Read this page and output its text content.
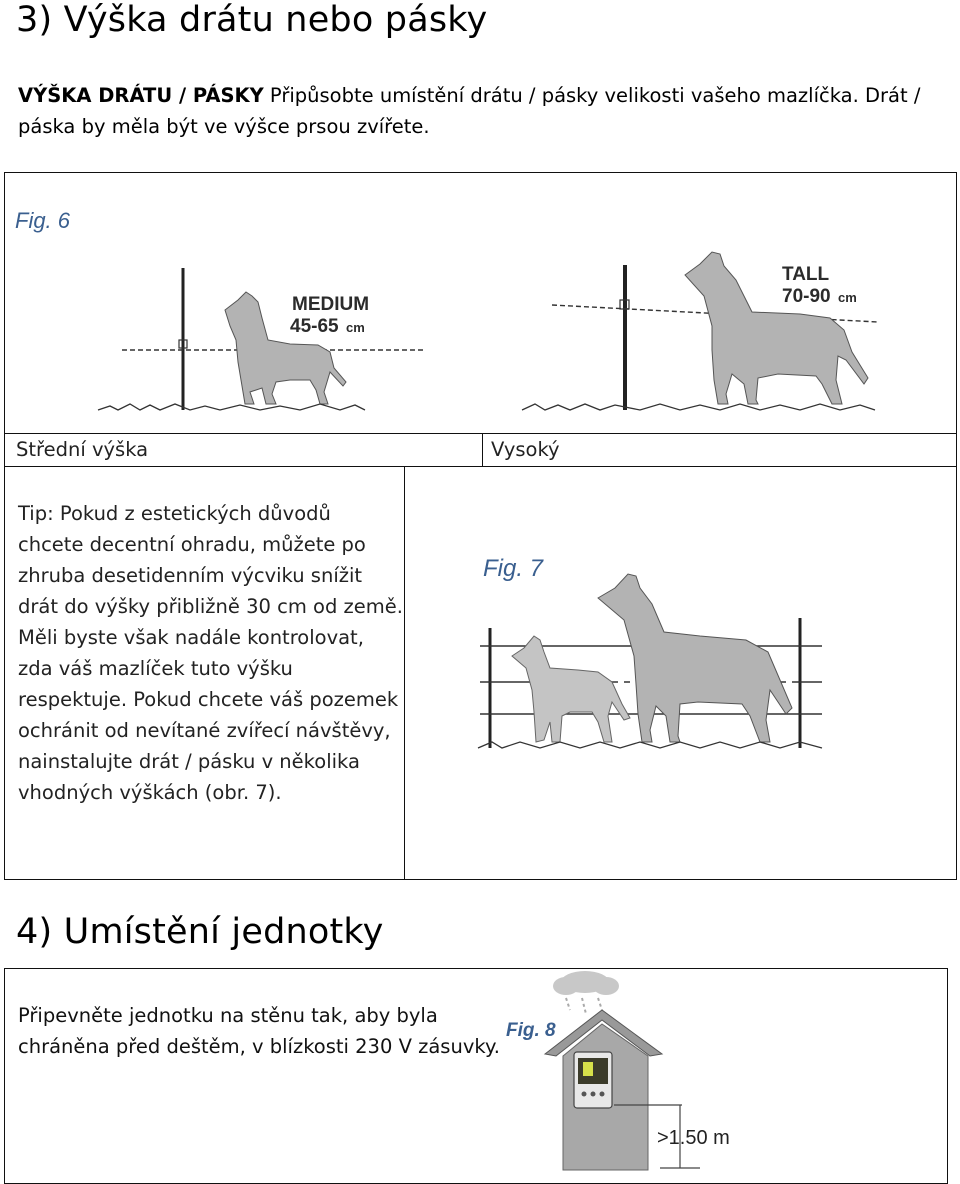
3) Výška drátu nebo pásky
VÝŠKA DRÁTU / PÁSKY Připůsobte umístění drátu / pásky velikosti vašeho mazlíčka. Drát / páska by měla být ve výšce prsou zvířete.
Střední výška	Vysoký
Fig. 6
MEDIUM
45-65 cm
TALL
70-90 cm
Fig. 7
Tip: Pokud z estetických důvodů
chcete decentní ohradu, můžete po
zhruba desetidenním výcviku snížit
drát do výšky přibližně 30 cm od země.
Měli byste však nadále kontrolovat,
zda váš mazlíček tuto výšku
respektuje. Pokud chcete váš pozemek
ochránit od nevítané zvířecí návštěvy,
nainstalujte drát / pásku v několika
vhodných výškách (obr. 7).
4) Umístění jednotky
Připevněte jednotku na stěnu tak, aby byla
chráněna před deštěm, v blízkosti 230 V zásuvky.
Fig. 8
>1.50 m
